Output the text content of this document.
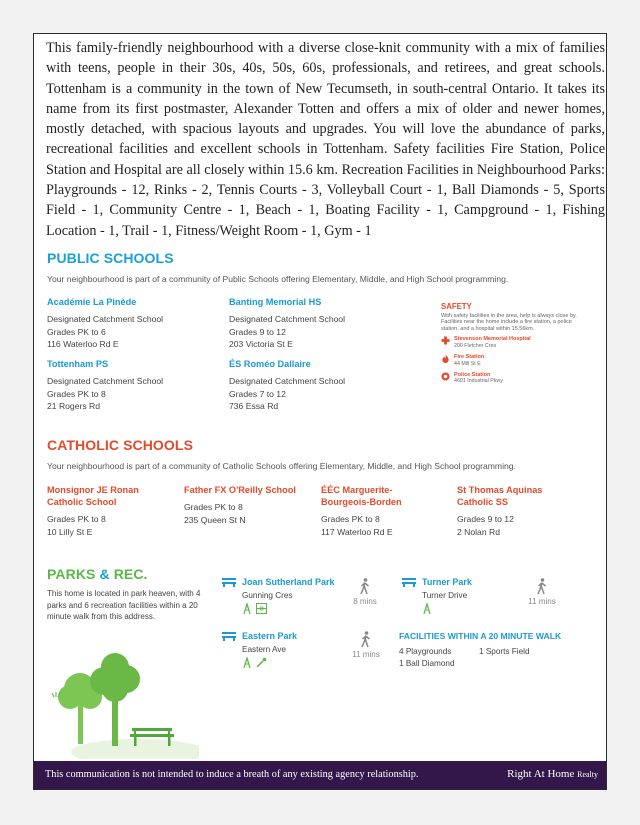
This family-friendly neighbourhood with a diverse close-knit community with a mix of families with teens, people in their 30s, 40s, 50s, 60s, professionals, and retirees, and great schools. Tottenham is a community in the town of New Tecumseth, in south-central Ontario. It takes its name from its first postmaster, Alexander Totten and offers a mix of older and newer homes, mostly detached, with spacious layouts and upgrades. You will love the abundance of parks, recreational facilities and excellent schools in Tottenham. Safety facilities Fire Station, Police Station and Hospital are all closely within 15.6 km. Recreation Facilities in Neighbourhood Parks: Playgrounds - 12, Rinks - 2, Tennis Courts - 3, Volleyball Court - 1, Ball Diamonds - 5, Sports Field - 1, Community Centre - 1, Beach - 1, Boating Facility - 1, Campground - 1, Fishing Location - 1, Trail - 1, Fitness/Weight Room - 1, Gym - 1

PUBLIC SCHOOLS

Your neighbourhood is part of a community of Public Schools offering Elementary, Middle, and High School programming.

Académie La Pinède
Designated Catchment School
Grades PK to 6
116 Waterloo Rd E
Banting Memorial HS
Designated Catchment School
Grades 9 to 12
203 Victoria St E
Tottenham PS
Designated Catchment School
Grades PK to 8
21 Rogers Rd
ÉS Roméo Dallaire
Designated Catchment School
Grades 7 to 12
736 Essa Rd
SAFETY
With safety facilities in the area, help is always close by. Facilities near the home include a fire station, a police station, and a hospital within 15.56km.
Stevenson Memorial Hospital
200 Fletcher Cres
Fire Station
44 Mill St E
Police Station
4601 Industrial Pkwy
CATHOLIC SCHOOLS

Your neighbourhood is part of a community of Catholic Schools offering Elementary, Middle, and High School programming.

Monsignor JE Ronan Catholic School
Grades PK to 8
10 Lilly St E
Father FX O'Reilly School
Grades PK to 8
235 Queen St N
ÉÉC Marguerite-Bourgeois-Borden
Grades PK to 8
117 Waterloo Rd E
St Thomas Aquinas Catholic SS
Grades 9 to 12
2 Nolan Rd
PARKS & REC.
This home is located in park heaven, with 4 parks and 6 recreation facilities within a 20 minute walk from this address.
Joan Sutherland Park
Gunning Cres
8 mins
Turner Park
Turner Drive
11 mins
Eastern Park
Eastern Ave
11 mins
FACILITIES WITHIN A 20 MINUTE WALK
4 Playgrounds	1 Sports Field
1 Ball Diamond
This communication is not intended to induce a breath of any existing agency relationship.	Right At Home Realty
